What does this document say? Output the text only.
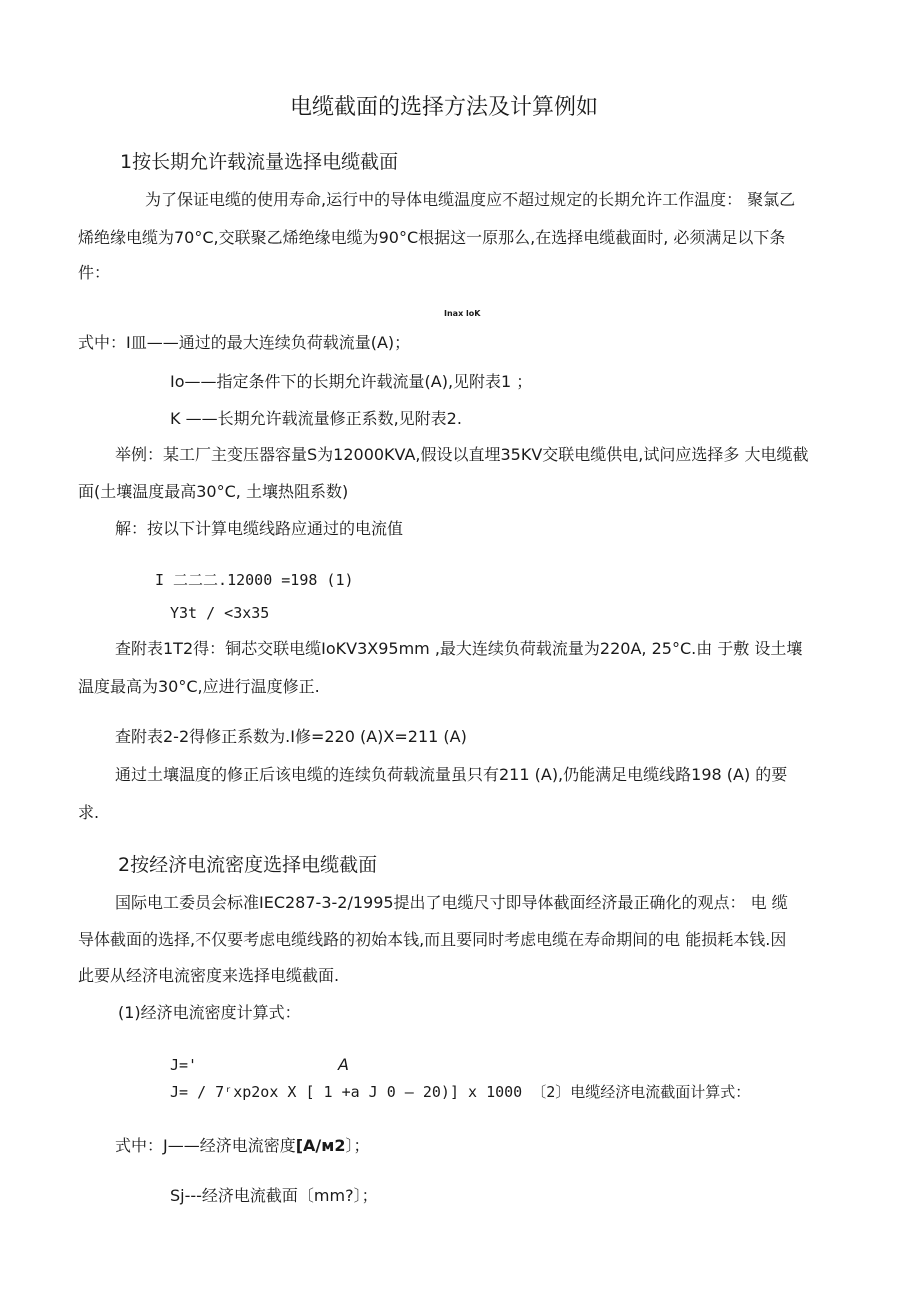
电缆截面的选择方法及计算例如
1按长期允许载流量选择电缆截面
为了保证电缆的使用寿命,运行中的导体电缆温度应不超过规定的长期允许工作温度： 聚氯乙
烯绝缘电缆为70°C,交联聚乙烯绝缘电缆为90°C根据这一原那么,在选择电缆截面时, 必须满足以下条
件：
Inax loK
式中：I皿——通过的最大连续负荷载流量(A)；
Io——指定条件下的长期允许载流量(A),见附表1 ；
K ——长期允许载流量修正系数,见附表2.
举例：某工厂主变压器容量S为12000KVA,假设以直埋35KV交联电缆供电,试问应选择多 大电缆截
面(土壤温度最高30°C, 土壤热阻系数)
解：按以下计算电缆线路应通过的电流值
I 二二二.12000 =198 (1)
Y3t / <3x35
查附表1T2得：铜芯交联电缆IoKV3X95mm ,最大连续负荷载流量为220A, 25°C.由 于敷 设土壤
温度最高为30°C,应进行温度修正.
查附表2-2得修正系数为.I修=220 (A)X=211 (A)
通过土壤温度的修正后该电缆的连续负荷载流量虽只有211 (A),仍能满足电缆线路198 (A) 的要
求.
2按经济电流密度选择电缆截面
国际电工委员会标准IEC287-3-2/1995提出了电缆尺寸即导体截面经济最正确化的观点： 电 缆
导体截面的选择,不仅要考虑电缆线路的初始本钱,而且要同时考虑电缆在寿命期间的电 能损耗本钱.因
此要从经济电流密度来选择电缆截面.
(1)经济电流密度计算式：
J='	A
J= / 7ʳxp2ox X [ 1 +a J 0 — 20)] x 1000 〔2〕电缆经济电流截面计算式：
式中：J——经济电流密度[A/м2〕；
Sj---经济电流截面〔mm?〕；
